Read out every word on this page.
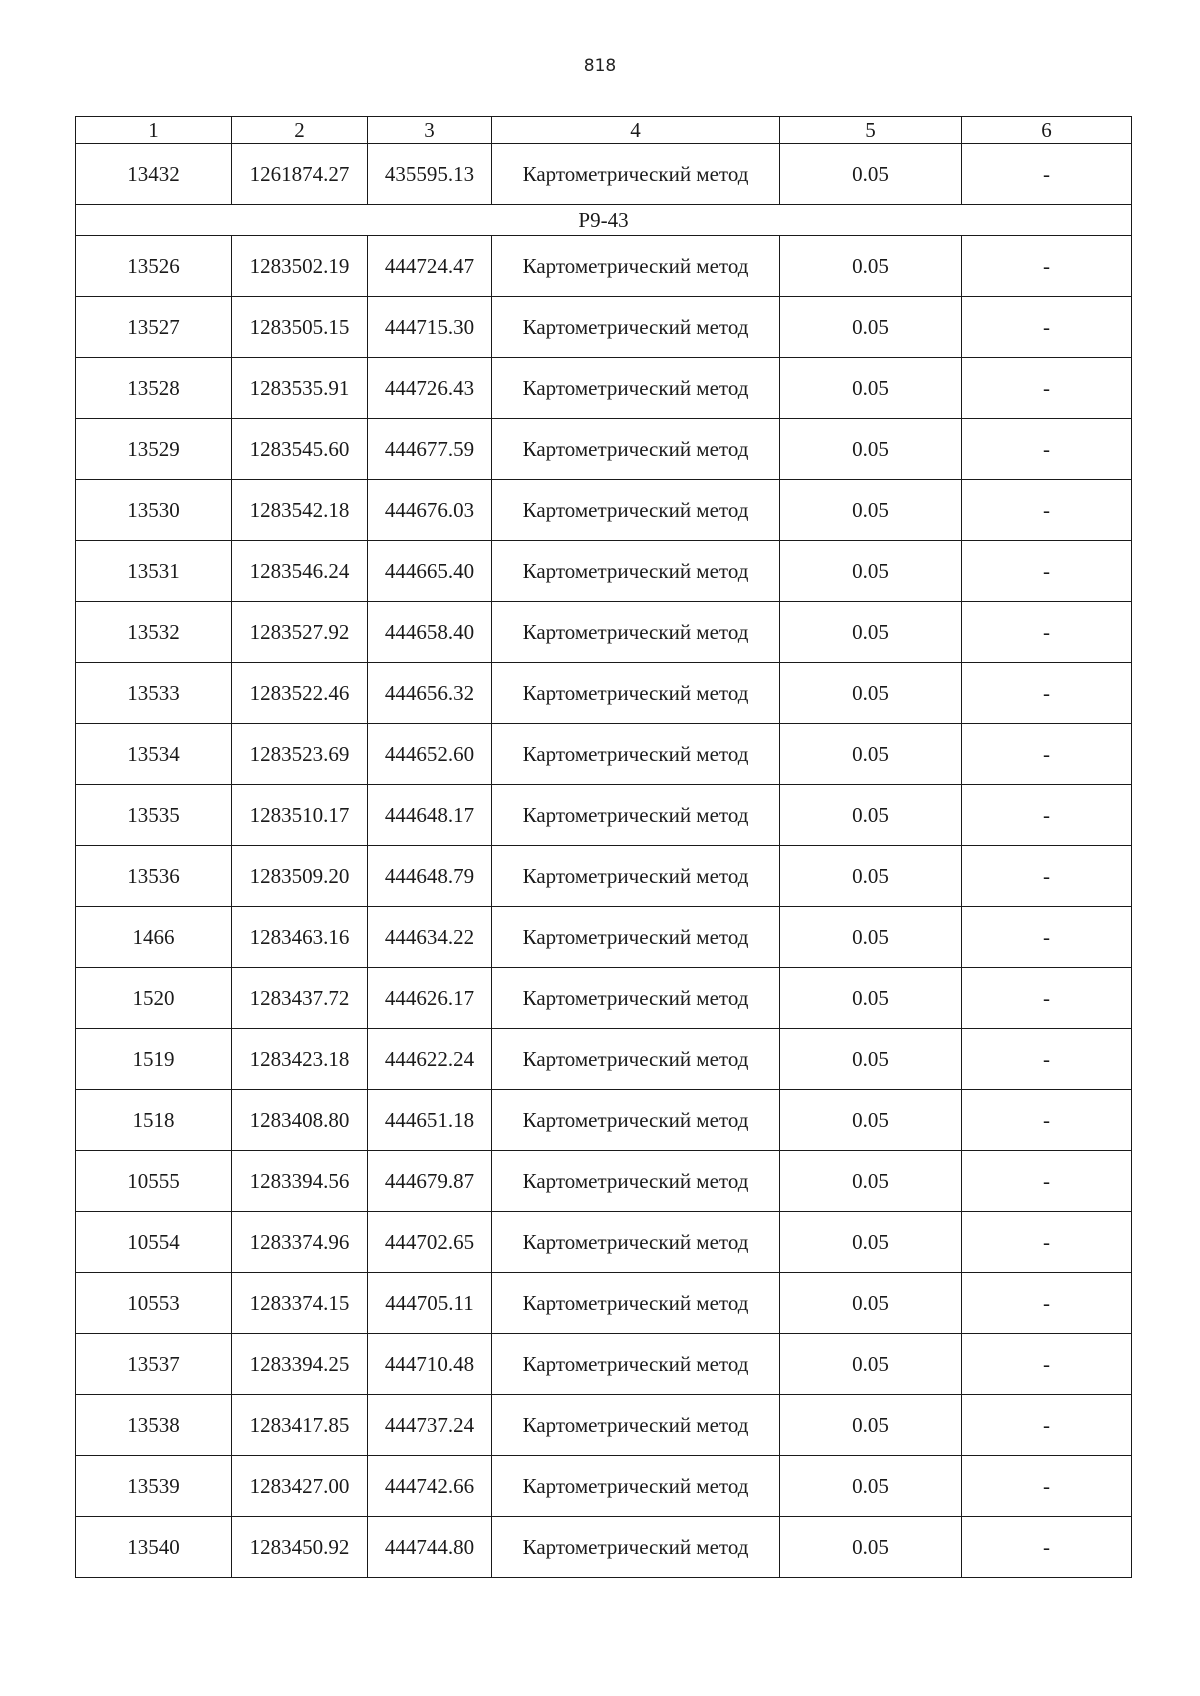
818
1	2	3	4	5	6
13432	1261874.27	435595.13	Картометрический метод	0.05	-
Р9-43					
13526	1283502.19	444724.47	Картометрический метод	0.05	-
13527	1283505.15	444715.30	Картометрический метод	0.05	-
13528	1283535.91	444726.43	Картометрический метод	0.05	-
13529	1283545.60	444677.59	Картометрический метод	0.05	-
13530	1283542.18	444676.03	Картометрический метод	0.05	-
13531	1283546.24	444665.40	Картометрический метод	0.05	-
13532	1283527.92	444658.40	Картометрический метод	0.05	-
13533	1283522.46	444656.32	Картометрический метод	0.05	-
13534	1283523.69	444652.60	Картометрический метод	0.05	-
13535	1283510.17	444648.17	Картометрический метод	0.05	-
13536	1283509.20	444648.79	Картометрический метод	0.05	-
1466	1283463.16	444634.22	Картометрический метод	0.05	-
1520	1283437.72	444626.17	Картометрический метод	0.05	-
1519	1283423.18	444622.24	Картометрический метод	0.05	-
1518	1283408.80	444651.18	Картометрический метод	0.05	-
10555	1283394.56	444679.87	Картометрический метод	0.05	-
10554	1283374.96	444702.65	Картометрический метод	0.05	-
10553	1283374.15	444705.11	Картометрический метод	0.05	-
13537	1283394.25	444710.48	Картометрический метод	0.05	-
13538	1283417.85	444737.24	Картометрический метод	0.05	-
13539	1283427.00	444742.66	Картометрический метод	0.05	-
13540	1283450.92	444744.80	Картометрический метод	0.05	-
